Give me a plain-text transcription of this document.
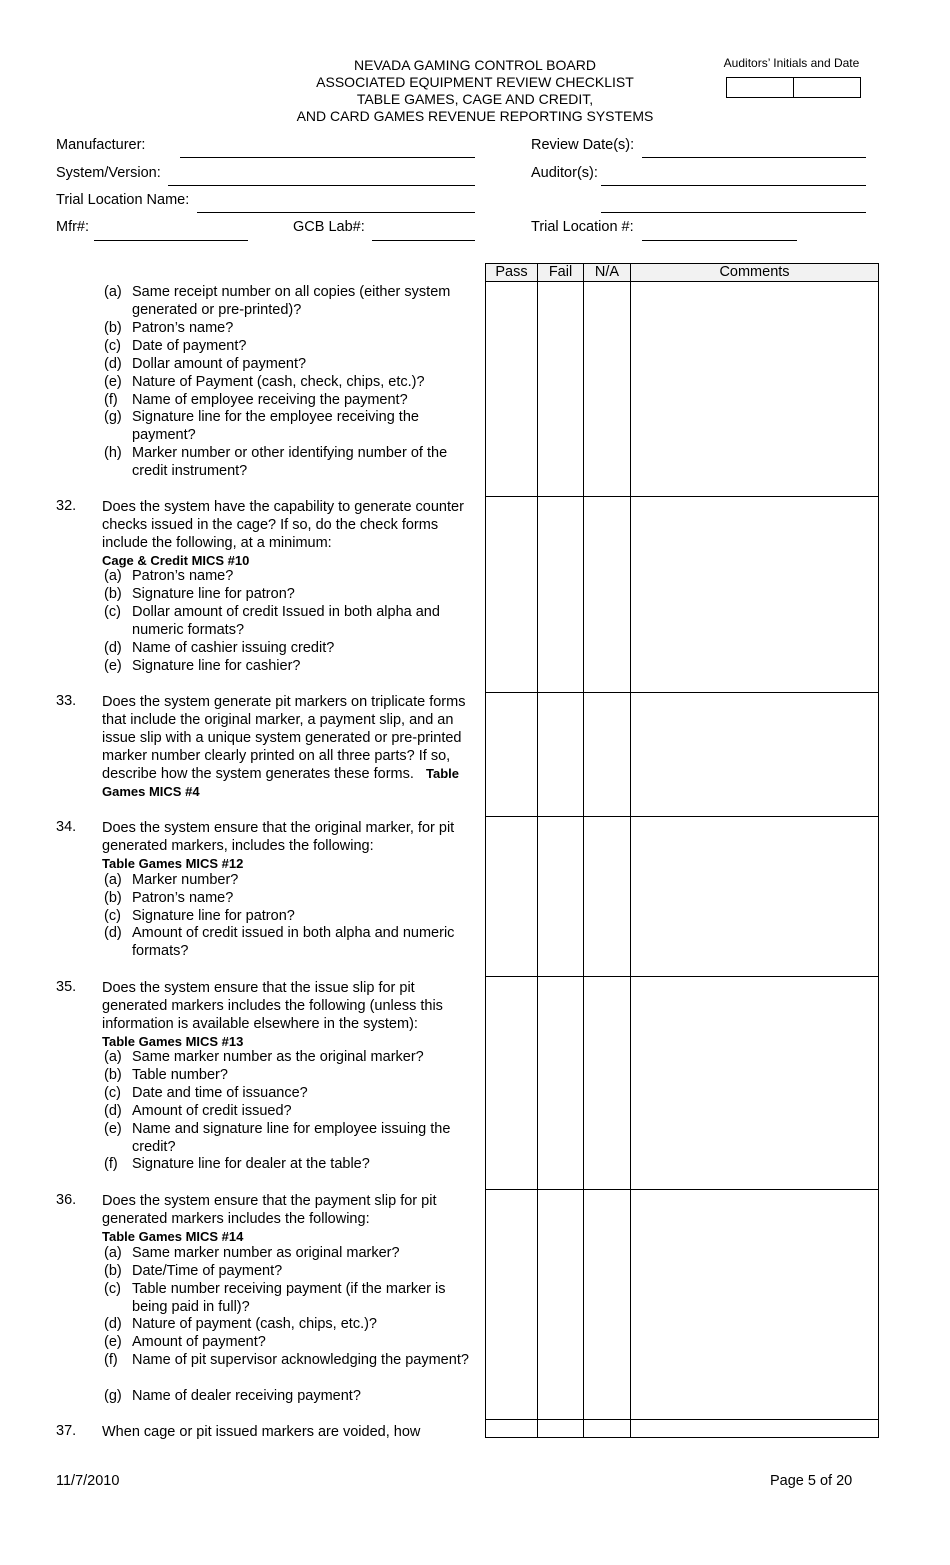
NEVADA GAMING CONTROL BOARD
ASSOCIATED EQUIPMENT REVIEW CHECKLIST
TABLE GAMES, CAGE AND CREDIT,
AND CARD GAMES REVENUE REPORTING SYSTEMS
Auditors’ Initials and Date
Manufacturer:
System/Version:
Trial Location Name:
Mfr#:	GCB Lab#:
Review Date(s):
Auditor(s):
Trial Location #:
Pass	Fail	N/A	Comments

(a) Same receipt number on all copies (either system generated or pre-printed)?
(b) Patron’s name?
(c) Date of payment?
(d) Dollar amount of payment?
(e) Nature of Payment (cash, check, chips, etc.)?
(f) Name of employee receiving the payment?
(g) Signature line for the employee receiving the payment?
(h) Marker number or other identifying number of the credit instrument?
32. Does the system have the capability to generate counter checks issued in the cage? If so, do the check forms include the following, at a minimum:
Cage & Credit MICS #10
(a) Patron’s name?
(b) Signature line for patron?
(c) Dollar amount of credit Issued in both alpha and numeric formats?
(d) Name of cashier issuing credit?
(e) Signature line for cashier?
33. Does the system generate pit markers on triplicate forms that include the original marker, a payment slip, and an issue slip with a unique system generated or pre-printed marker number clearly printed on all three parts? If so, describe how the system generates these forms. Table Games MICS #4
34. Does the system ensure that the original marker, for pit generated markers, includes the following:
Table Games MICS #12
(a) Marker number?
(b) Patron’s name?
(c) Signature line for patron?
(d) Amount of credit issued in both alpha and numeric formats?
35. Does the system ensure that the issue slip for pit generated markers includes the following (unless this information is available elsewhere in the system):
Table Games MICS #13
(a) Same marker number as the original marker?
(b) Table number?
(c) Date and time of issuance?
(d) Amount of credit issued?
(e) Name and signature line for employee issuing the credit?
(f) Signature line for dealer at the table?
36. Does the system ensure that the payment slip for pit generated markers includes the following:
Table Games MICS #14
(a) Same marker number as original marker?
(b) Date/Time of payment?
(c) Table number receiving payment (if the marker is being paid in full)?
(d) Nature of payment (cash, chips, etc.)?
(e) Amount of payment?
(f) Name of pit supervisor acknowledging the payment?
(g) Name of dealer receiving payment?
37. When cage or pit issued markers are voided, how
11/7/2010	Page 5 of 20
